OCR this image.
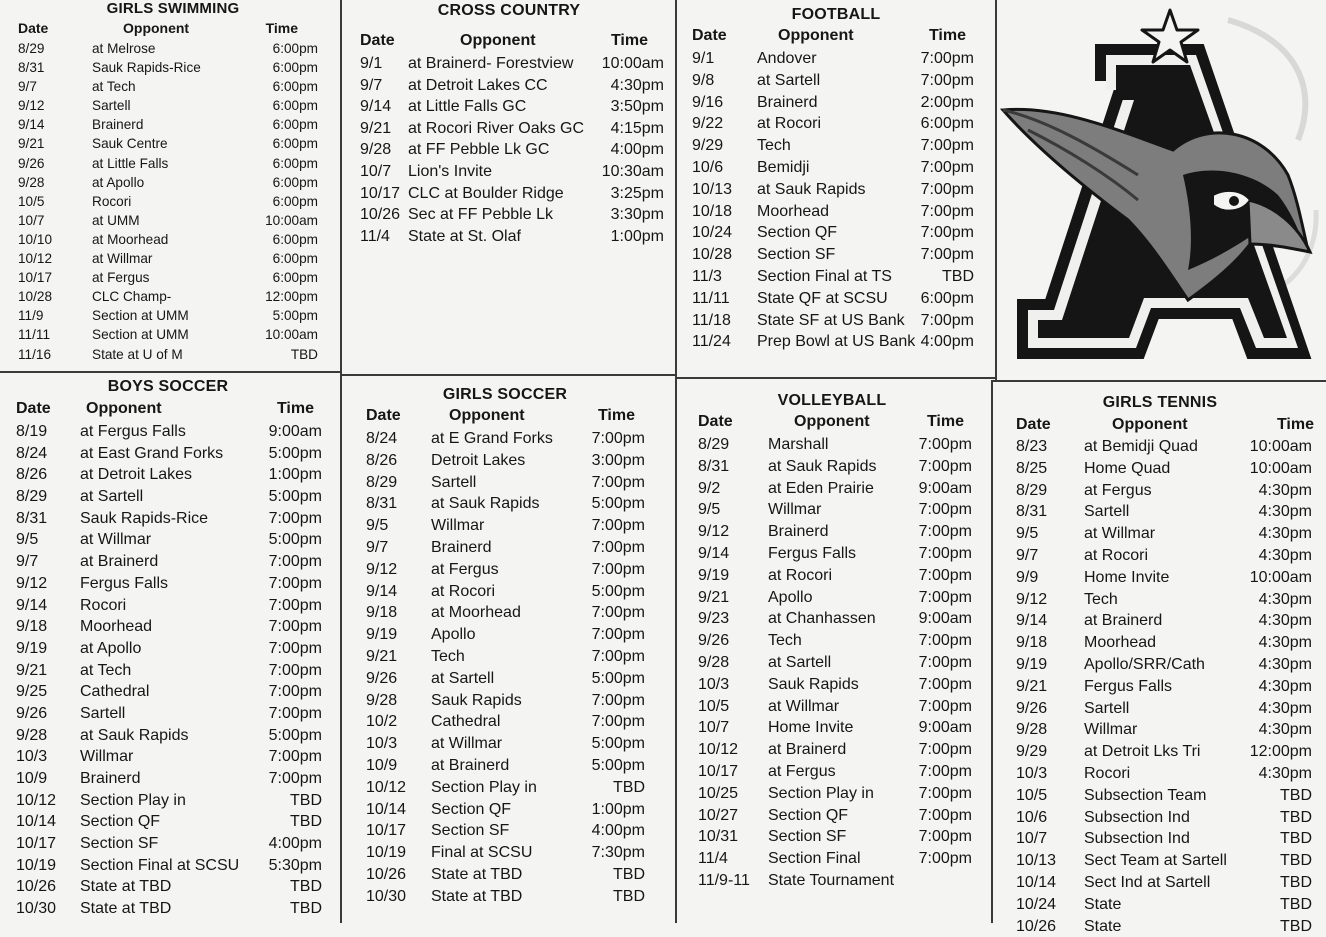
GIRLS SWIMMING
Date	Opponent	Time
8/29	at Melrose	6:00pm
8/31	Sauk Rapids-Rice	6:00pm
9/7	at Tech	6:00pm
9/12	Sartell	6:00pm
9/14	Brainerd	6:00pm
9/21	Sauk Centre	6:00pm
9/26	at Little Falls	6:00pm
9/28	at Apollo	6:00pm
10/5	Rocori	6:00pm
10/7	at UMM	10:00am
10/10	at Moorhead	6:00pm
10/12	at Willmar	6:00pm
10/17	at Fergus	6:00pm
10/28	CLC Champ-	12:00pm
11/9	Section at UMM	5:00pm
11/11	Section at UMM	10:00am
11/16	State at U of M	TBD
CROSS COUNTRY
Date	Opponent	Time
9/1 at Brainerd- Forestview 10:00am
9/7 at Detroit Lakes CC	4:30pm
9/14 at Little Falls GC	3:50pm
9/21 at Rocori River Oaks GC 4:15pm
9/28 at FF Pebble Lk GC	4:00pm
10/7 Lion's Invite	10:30am
10/17 CLC at Boulder Ridge	3:25pm
10/26 Sec at FF Pebble Lk	3:30pm
11/4 State at St. Olaf	1:00pm
FOOTBALL
Date	Opponent	Time
9/1	Andover	7:00pm
9/8	at Sartell	7:00pm
9/16 Brainerd	2:00pm
9/22 at Rocori	6:00pm
9/29 Tech	7:00pm
10/6 Bemidji	7:00pm
10/13 at Sauk Rapids	7:00pm
10/18 Moorhead	7:00pm
10/24 Section QF	7:00pm
10/28 Section SF	7:00pm
11/3 Section Final at TS	TBD
11/11 State QF at SCSU 6:00pm
11/18 State SF at US Bank 7:00pm
11/24 Prep Bowl at US Bank 4:00pm
BOYS SOCCER
Date Opponent	Time
8/19 at Fergus Falls	9:00am
8/24 at East Grand Forks	5:00pm
8/26 at Detroit Lakes	1:00pm
8/29 at Sartell	5:00pm
8/31 Sauk Rapids-Rice	7:00pm
9/5	at Willmar	5:00pm
9/7	at Brainerd	7:00pm
9/12 Fergus Falls	7:00pm
9/14 Rocori	7:00pm
9/18 Moorhead	7:00pm
9/19 at Apollo	7:00pm
9/21 at Tech	7:00pm
9/25 Cathedral	7:00pm
9/26 Sartell	7:00pm
9/28 at Sauk Rapids	5:00pm
10/3 Willmar	7:00pm
10/9 Brainerd	7:00pm
10/12 Section Play in	TBD
10/14 Section QF	TBD
10/17 Section SF	4:00pm
10/19 Section Final at SCSU 5:30pm
10/26 State at TBD	TBD
10/30 State at TBD	TBD
GIRLS SOCCER
Date	Opponent	Time
8/24 at E Grand Forks 7:00pm
8/26 Detroit Lakes	3:00pm
8/29 Sartell	7:00pm
8/31 at Sauk Rapids	5:00pm
9/5	Willmar	7:00pm
9/7	Brainerd	7:00pm
9/12 at Fergus	7:00pm
9/14 at Rocori	5:00pm
9/18 at Moorhead	7:00pm
9/19 Apollo	7:00pm
9/21 Tech	7:00pm
9/26 at Sartell	5:00pm
9/28 Sauk Rapids	7:00pm
10/2 Cathedral	7:00pm
10/3 at Willmar	5:00pm
10/9 at Brainerd	5:00pm
10/12 Section Play in	TBD
10/14 Section QF	1:00pm
10/17 Section SF	4:00pm
10/19 Final at SCSU	7:30pm
10/26 State at TBD	TBD
10/30 State at TBD	TBD
VOLLEYBALL
Date	Opponent	Time
8/29 Marshall	7:00pm
8/31 at Sauk Rapids	7:00pm
9/2	at Eden Prairie	9:00am
9/5	Willmar	7:00pm
9/12 Brainerd	7:00pm
9/14 Fergus Falls	7:00pm
9/19 at Rocori	7:00pm
9/21 Apollo	7:00pm
9/23 at Chanhassen	9:00am
9/26 Tech	7:00pm
9/28 at Sartell	7:00pm
10/3 Sauk Rapids	7:00pm
10/5 at Willmar	7:00pm
10/7 Home Invite	9:00am
10/12 at Brainerd	7:00pm
10/17 at Fergus	7:00pm
10/25 Section Play in	7:00pm
10/27 Section QF	7:00pm
10/31 Section SF	7:00pm
11/4	Section Final	7:00pm
11/9-11 State Tournament
GIRLS TENNIS
Date	Opponent	Time
8/23 at Bemidji Quad	10:00am
8/25 Home Quad	10:00am
8/29 at Fergus	4:30pm
8/31 Sartell	4:30pm
9/5	at Willmar	4:30pm
9/7	at Rocori	4:30pm
9/9	Home Invite	10:00am
9/12 Tech	4:30pm
9/14 at Brainerd	4:30pm
9/18 Moorhead	4:30pm
9/19 Apollo/SRR/Cath	4:30pm
9/21 Fergus Falls	4:30pm
9/26 Sartell	4:30pm
9/28 Willmar	4:30pm
9/29 at Detroit Lks Tri	12:00pm
10/3 Rocori	4:30pm
10/5 Subsection Team	TBD
10/6 Subsection Ind	TBD
10/7 Subsection Ind	TBD
10/13 Sect Team at Sartell	TBD
10/14 Sect Ind at Sartell	TBD
10/24 State	TBD
10/26 State	TBD
